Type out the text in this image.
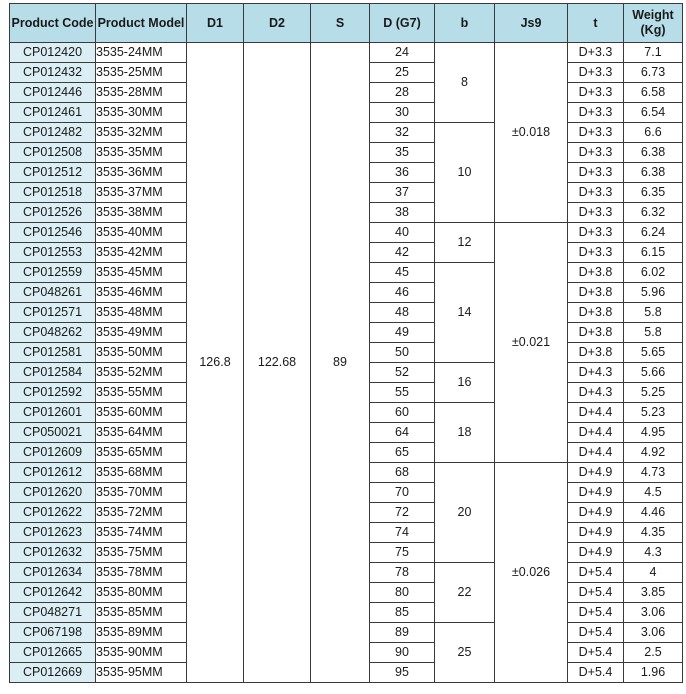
Product Code	Product Model	D1	D2	S	D (G7)	b	Js9	t	Weight (Kg)
CP012420	3535-24MM	126.8	122.68	89	24	8	±0.018	D+3.3	7.1
CP012432	3535-25MM				25			D+3.3	6.73
CP012446	3535-28MM				28			D+3.3	6.58
CP012461	3535-30MM				30			D+3.3	6.54
CP012482	3535-32MM				32	10		D+3.3	6.6
CP012508	3535-35MM				35			D+3.3	6.38
CP012512	3535-36MM				36			D+3.3	6.38
CP012518	3535-37MM				37			D+3.3	6.35
CP012526	3535-38MM				38			D+3.3	6.32
CP012546	3535-40MM				40	12	±0.021	D+3.3	6.24
CP012553	3535-42MM				42			D+3.3	6.15
CP012559	3535-45MM				45	14		D+3.8	6.02
CP048261	3535-46MM				46			D+3.8	5.96
CP012571	3535-48MM				48			D+3.8	5.8
CP048262	3535-49MM				49			D+3.8	5.8
CP012581	3535-50MM				50			D+3.8	5.65
CP012584	3535-52MM				52	16		D+4.3	5.66
CP012592	3535-55MM				55			D+4.3	5.25
CP012601	3535-60MM				60	18		D+4.4	5.23
CP050021	3535-64MM				64			D+4.4	4.95
CP012609	3535-65MM				65			D+4.4	4.92
CP012612	3535-68MM				68	20	±0.026	D+4.9	4.73
CP012620	3535-70MM				70			D+4.9	4.5
CP012622	3535-72MM				72			D+4.9	4.46
CP012623	3535-74MM				74			D+4.9	4.35
CP012632	3535-75MM				75			D+4.9	4.3
CP012634	3535-78MM				78	22		D+5.4	4
CP012642	3535-80MM				80			D+5.4	3.85
CP048271	3535-85MM				85			D+5.4	3.06
CP067198	3535-89MM				89	25		D+5.4	3.06
CP012665	3535-90MM				90			D+5.4	2.5
CP012669	3535-95MM				95			D+5.4	1.96
